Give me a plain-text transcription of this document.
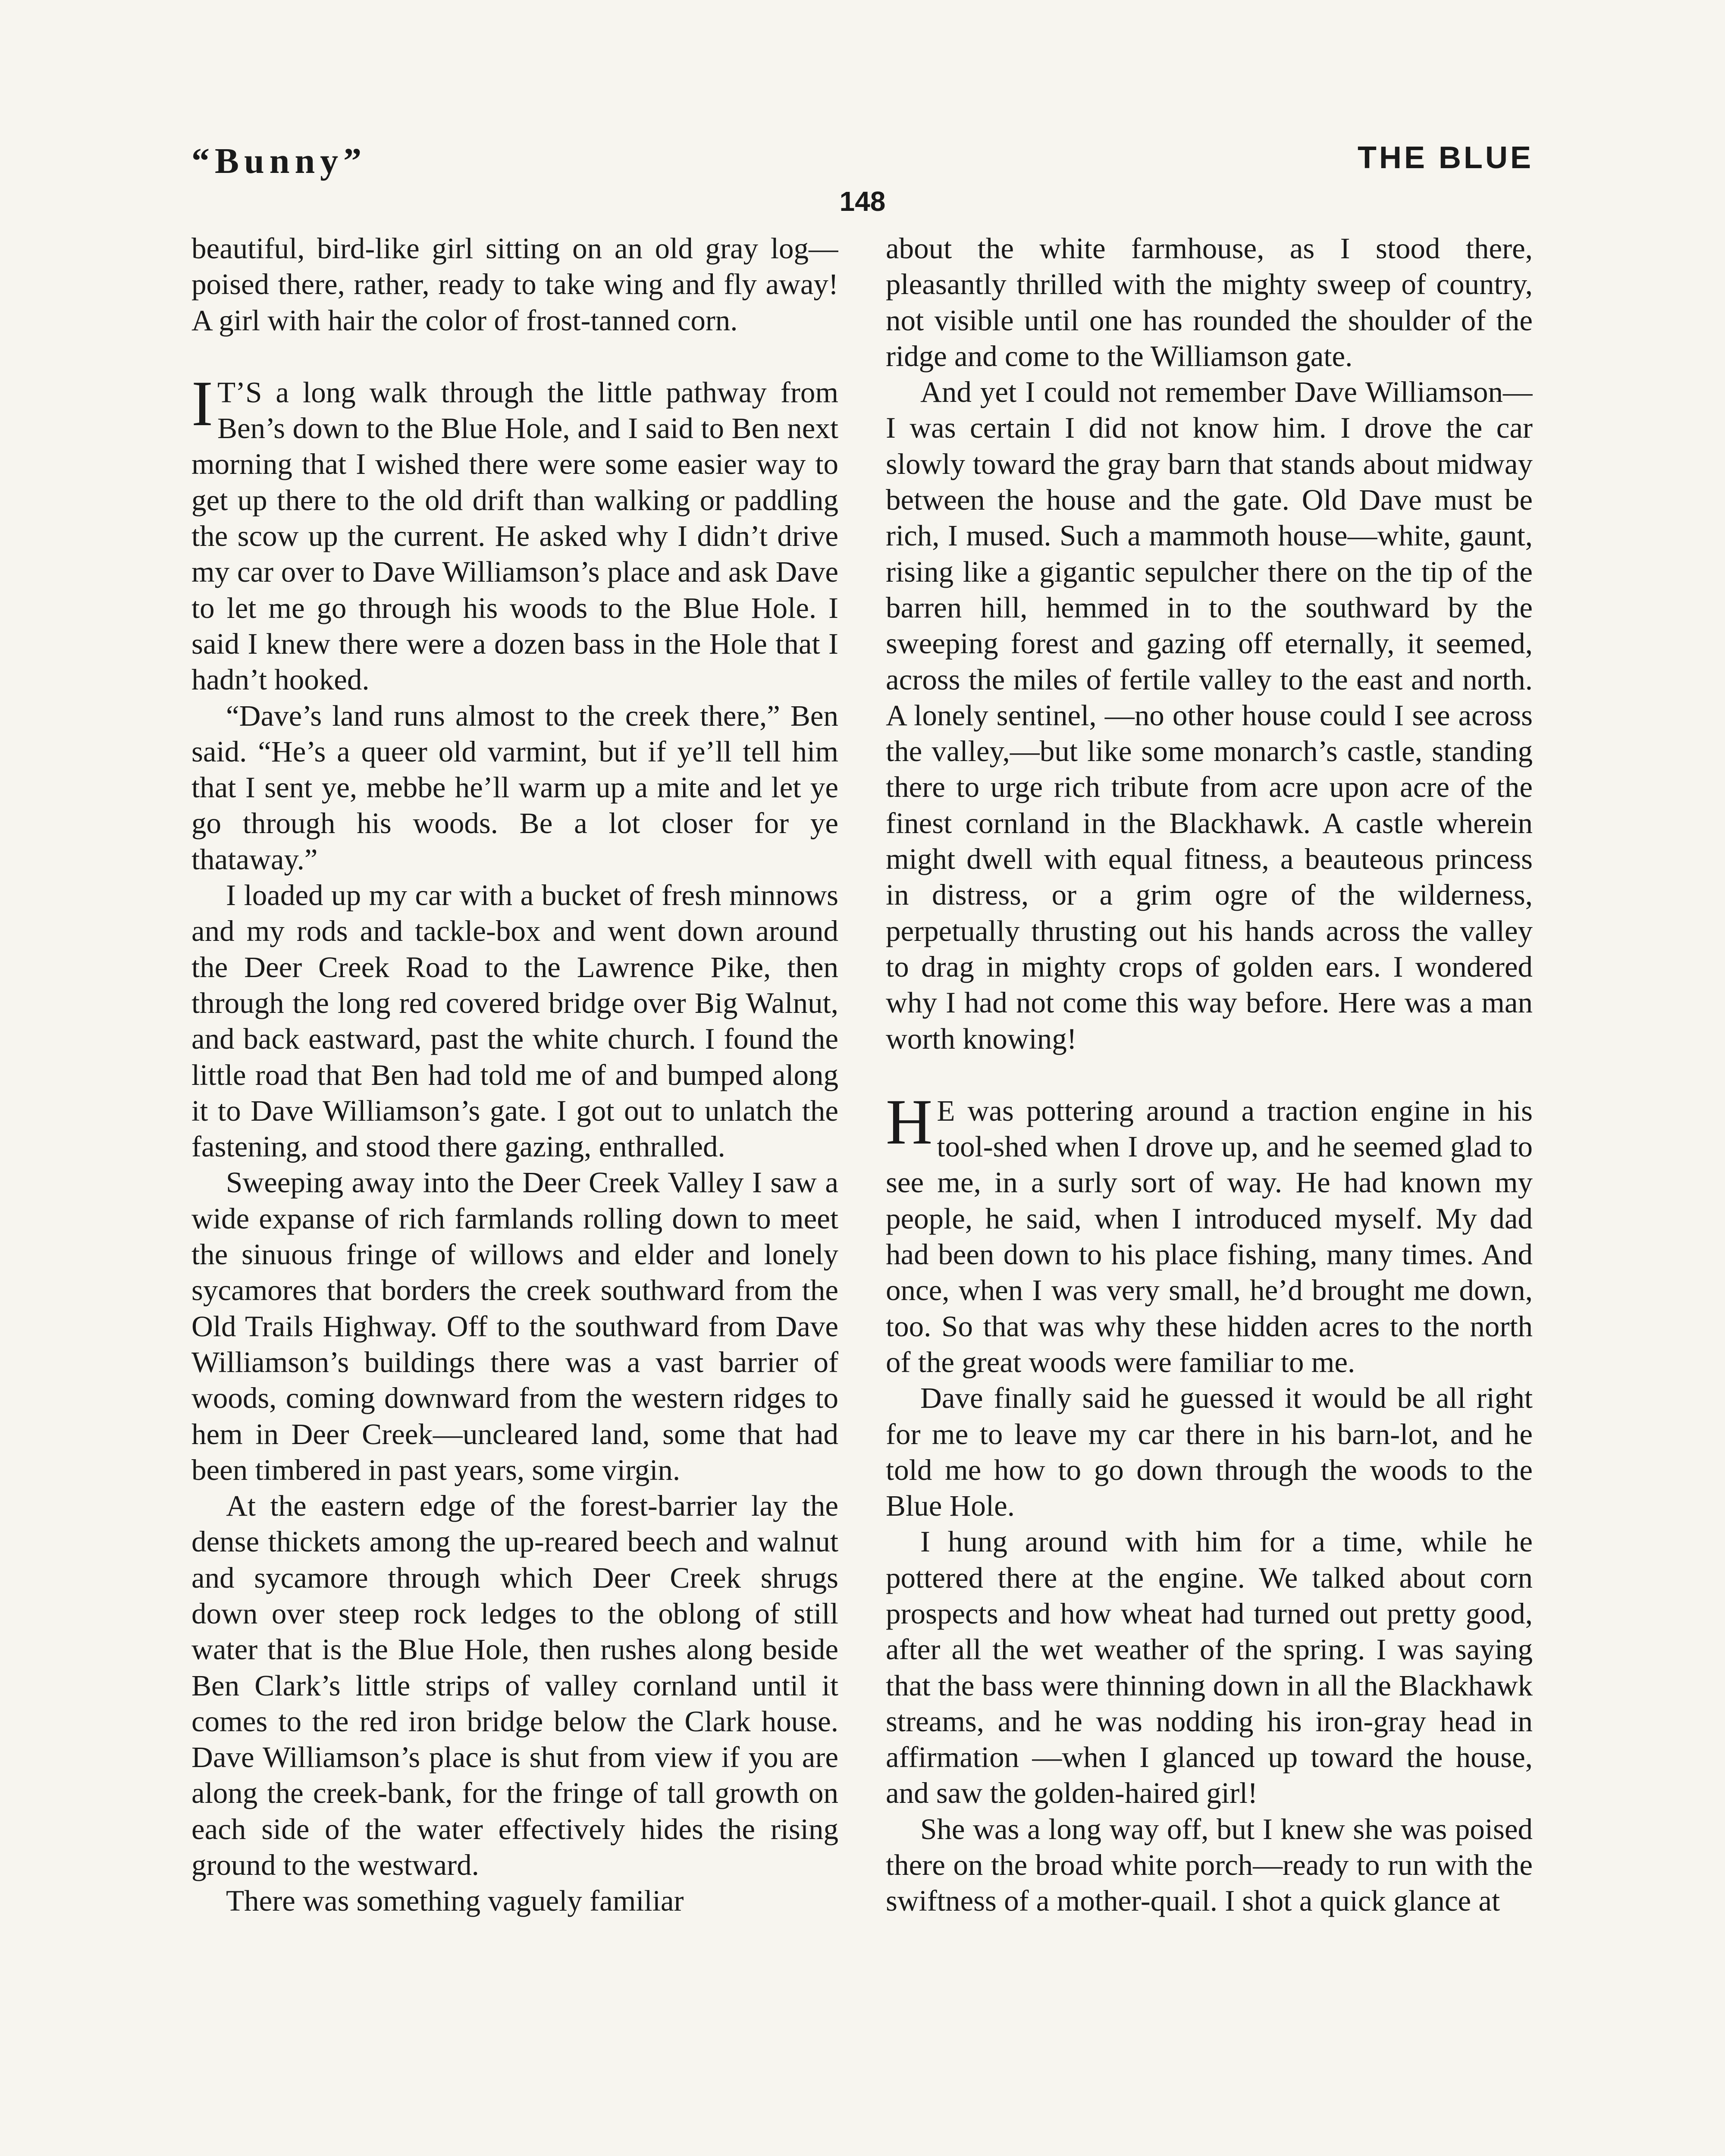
“Bunny”	THE BLUE
148

beautiful, bird-like girl sitting on an old gray log—poised there, rather, ready to take wing and fly away! A girl with hair the color of frost-tanned corn.

I T’S a long walk through the little pathway from Ben’s down to the Blue Hole, and I said to Ben next morning that I wished there were some easier way to get up there to the old drift than walking or paddling the scow up the current. He asked why I didn’t drive my car over to Dave Williamson’s place and ask Dave to let me go through his woods to the Blue Hole. I said I knew there were a dozen bass in the Hole that I hadn’t hooked.

“Dave’s land runs almost to the creek there,” Ben said. “He’s a queer old varmint, but if ye’ll tell him that I sent ye, mebbe he’ll warm up a mite and let ye go through his woods. Be a lot closer for ye thataway.”

I loaded up my car with a bucket of fresh minnows and my rods and tackle-box and went down around the Deer Creek Road to the Lawrence Pike, then through the long red covered bridge over Big Walnut, and back eastward, past the white church. I found the little road that Ben had told me of and bumped along it to Dave Williamson’s gate. I got out to unlatch the fastening, and stood there gazing, enthralled.

Sweeping away into the Deer Creek Valley I saw a wide expanse of rich farmlands rolling down to meet the sinuous fringe of willows and elder and lonely sycamores that borders the creek southward from the Old Trails Highway. Off to the southward from Dave Williamson’s buildings there was a vast barrier of woods, coming downward from the western ridges to hem in Deer Creek—uncleared land, some that had been timbered in past years, some virgin.

At the eastern edge of the forest-barrier lay the dense thickets among the up-reared beech and walnut and sycamore through which Deer Creek shrugs down over steep rock ledges to the oblong of still water that is the Blue Hole, then rushes along beside Ben Clark’s little strips of valley cornland until it comes to the red iron bridge below the Clark house. Dave Williamson’s place is shut from view if you are along the creek-bank, for the fringe of tall growth on each side of the water effectively hides the rising ground to the westward.

There was something vaguely familiar

about the white farmhouse, as I stood there, pleasantly thrilled with the mighty sweep of country, not visible until one has rounded the shoulder of the ridge and come to the Williamson gate.

And yet I could not remember Dave Williamson—I was certain I did not know him. I drove the car slowly toward the gray barn that stands about midway between the house and the gate. Old Dave must be rich, I mused. Such a mammoth house—white, gaunt, rising like a gigantic sepulcher there on the tip of the barren hill, hemmed in to the southward by the sweeping forest and gazing off eternally, it seemed, across the miles of fertile valley to the east and north. A lonely sentinel, —no other house could I see across the valley,—but like some monarch’s castle, standing there to urge rich tribute from acre upon acre of the finest cornland in the Blackhawk. A castle wherein might dwell with equal fitness, a beauteous princess in distress, or a grim ogre of the wilderness, perpetually thrusting out his hands across the valley to drag in mighty crops of golden ears. I wondered why I had not come this way before. Here was a man worth knowing!

H E was pottering around a traction engine in his tool-shed when I drove up, and he seemed glad to see me, in a surly sort of way. He had known my people, he said, when I introduced myself. My dad had been down to his place fishing, many times. And once, when I was very small, he’d brought me down, too. So that was why these hidden acres to the north of the great woods were familiar to me.

Dave finally said he guessed it would be all right for me to leave my car there in his barn-lot, and he told me how to go down through the woods to the Blue Hole.

I hung around with him for a time, while he pottered there at the engine. We talked about corn prospects and how wheat had turned out pretty good, after all the wet weather of the spring. I was saying that the bass were thinning down in all the Blackhawk streams, and he was nodding his iron-gray head in affirmation —when I glanced up toward the house, and saw the golden-haired girl!

She was a long way off, but I knew she was poised there on the broad white porch—ready to run with the swiftness of a mother-quail. I shot a quick glance at
